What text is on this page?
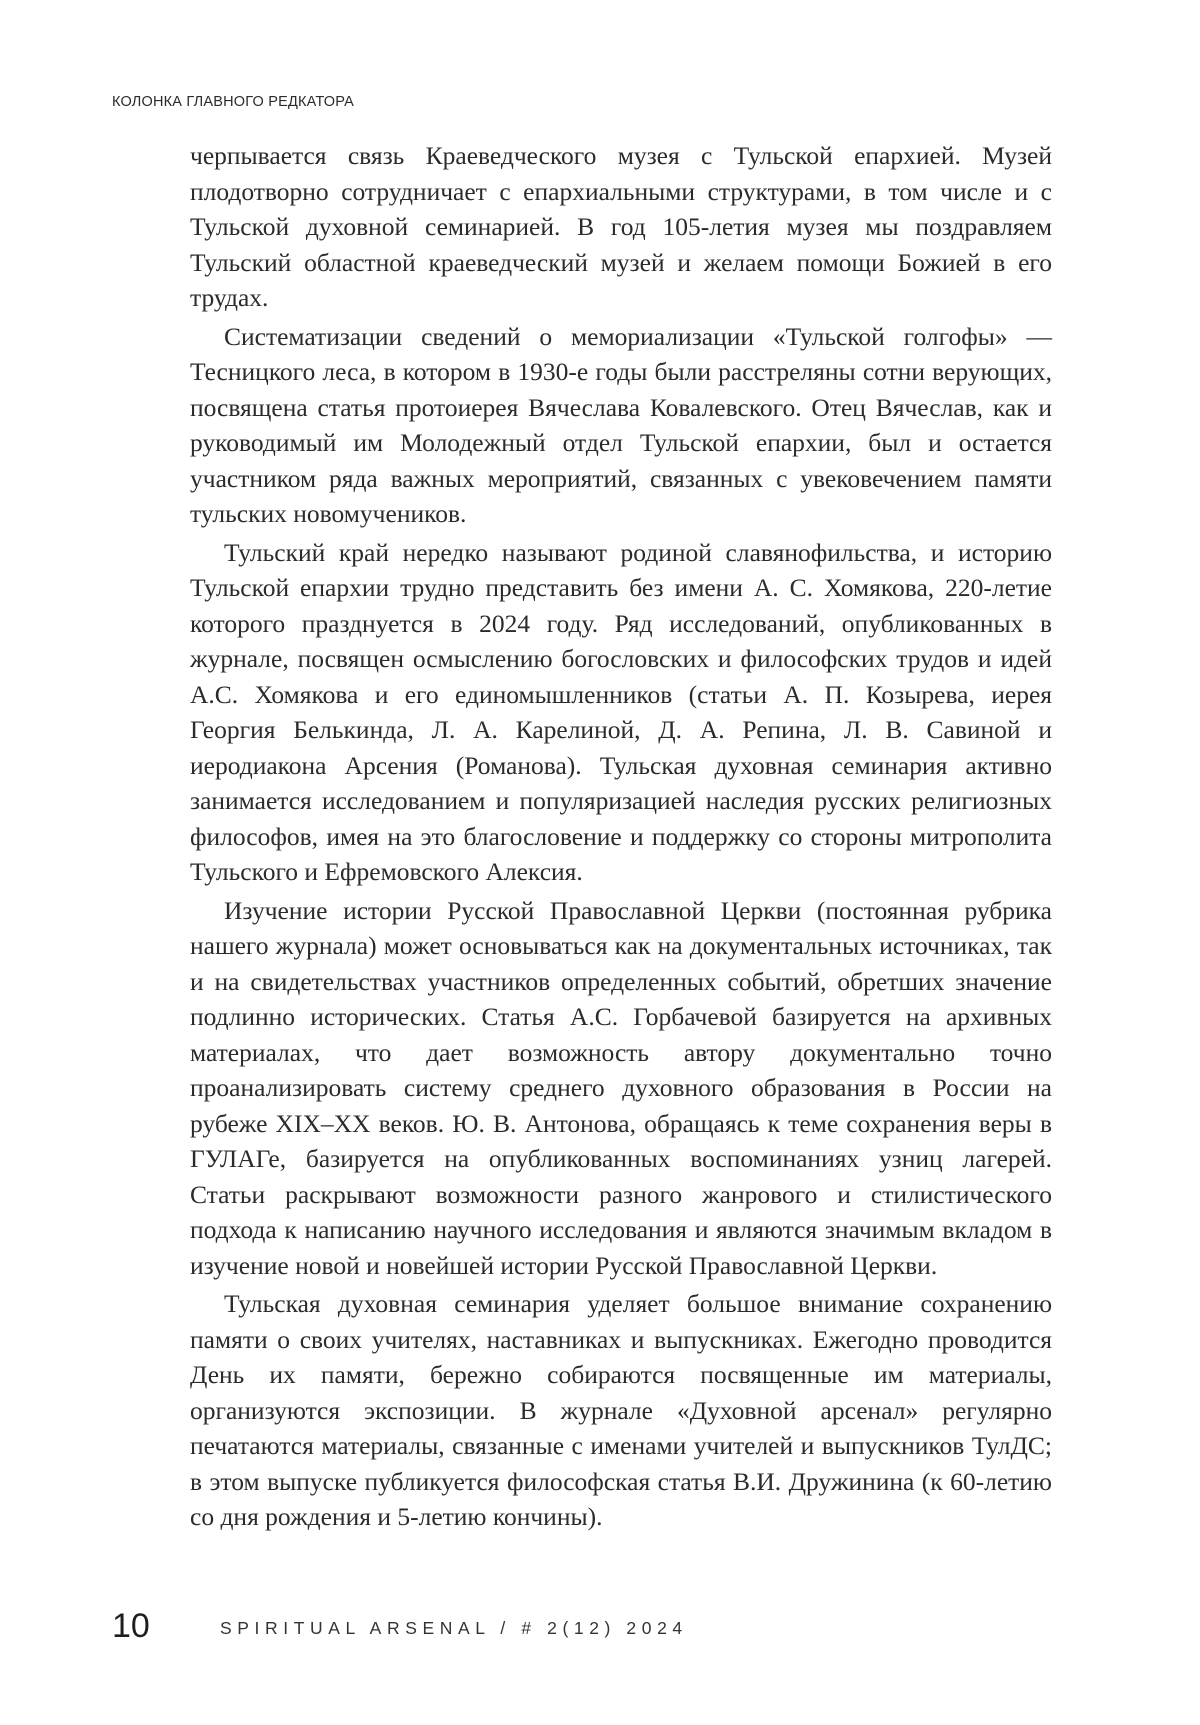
КОЛОНКА ГЛАВНОГО РЕДКАТОРА

черпывается связь Краеведческого музея с Тульской епархией. Музей плодотворно сотрудничает с епархиальными структурами, в том числе и с Тульской духовной семинарией. В год 105-летия музея мы поздравляем Тульский областной краеведческий музей и желаем помощи Божией в его трудах.

Систематизации сведений о мемориализации «Тульской голгофы» — Тесницкого леса, в котором в 1930-е годы были расстреляны сотни верующих, посвящена статья протоиерея Вячеслава Ковалевского. Отец Вячеслав, как и руководимый им Молодежный отдел Тульской епархии, был и остается участником ряда важных мероприятий, связанных с увековечением памяти тульских новомучеников.

Тульский край нередко называют родиной славянофильства, и историю Тульской епархии трудно представить без имени А. С. Хомякова, 220-летие которого празднуется в 2024 году. Ряд исследований, опубликованных в журнале, посвящен осмыслению богословских и философских трудов и идей А.С. Хомякова и его единомышленников (статьи А. П. Козырева, иерея Георгия Белькинда, Л. А. Карелиной, Д. А. Репина, Л. В. Савиной и иеродиакона Арсения (Романова). Тульская духовная семинария активно занимается исследованием и популяризацией наследия русских религиозных философов, имея на это благословение и поддержку со стороны митрополита Тульского и Ефремовского Алексия.

Изучение истории Русской Православной Церкви (постоянная рубрика нашего журнала) может основываться как на документальных источниках, так и на свидетельствах участников определенных событий, обретших значение подлинно исторических. Статья А.С. Горбачевой базируется на архивных материалах, что дает возможность автору документально точно проанализировать систему среднего духовного образования в России на рубеже XIX–XX веков. Ю. В. Антонова, обращаясь к теме сохранения веры в ГУЛАГе, базируется на опубликованных воспоминаниях узниц лагерей. Статьи раскрывают возможности разного жанрового и стилистического подхода к написанию научного исследования и являются значимым вкладом в изучение новой и новейшей истории Русской Православной Церкви.

Тульская духовная семинария уделяет большое внимание сохранению памяти о своих учителях, наставниках и выпускниках. Ежегодно проводится День их памяти, бережно собираются посвященные им материалы, организуются экспозиции. В журнале «Духовной арсенал» регулярно печатаются материалы, связанные с именами учителей и выпускников ТулДС; в этом выпуске публикуется философская статья В.И. Дружинина (к 60-летию со дня рождения и 5-летию кончины).

10	SPIRITUAL ARSENAL / # 2(12) 2024
